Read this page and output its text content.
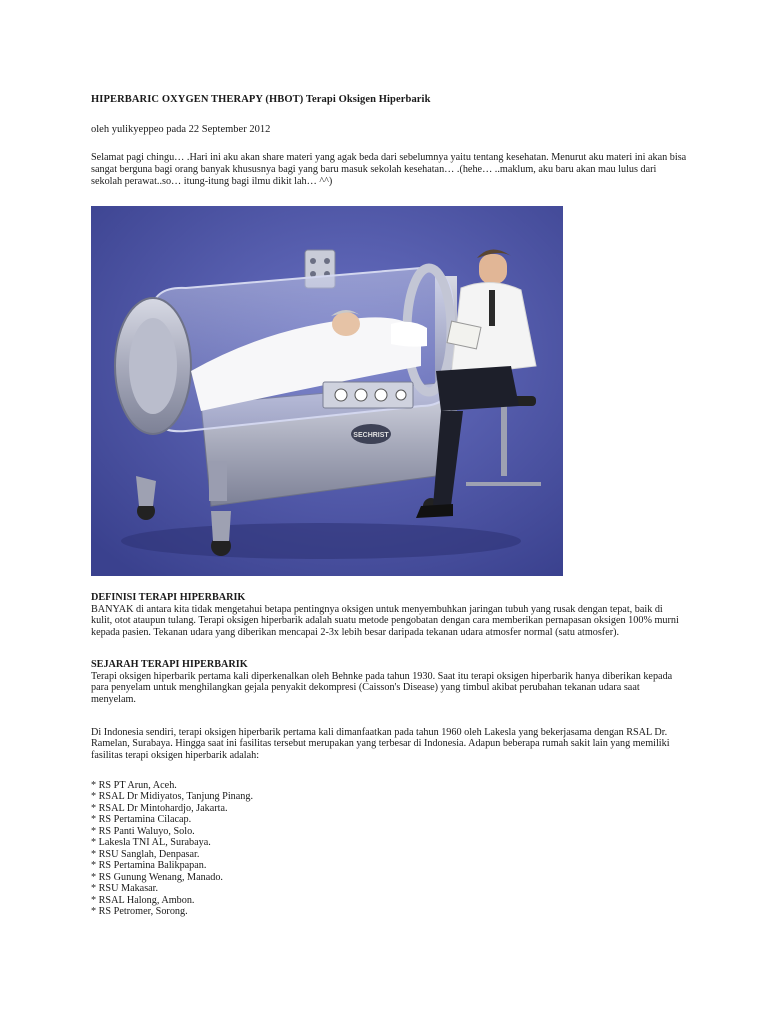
HIPERBARIC OXYGEN THERAPY (HBOT) Terapi Oksigen Hiperbarik
oleh yulikyeppeo pada 22 September 2012
Selamat pagi chingu… .Hari ini aku akan share materi yang agak beda dari sebelumnya yaitu tentang kesehatan. Menurut aku materi ini akan bisa
sangat berguna bagi orang banyak khususnya bagi yang baru masuk sekolah kesehatan… .(hehe… ..maklum, aku baru akan mau lulus dari
sekolah perawat..so… itung-itung bagi ilmu dikit lah… ^^)
SECHRIST
DEFINISI TERAPI HIPERBARIK
BANYAK di antara kita tidak mengetahui betapa pentingnya oksigen untuk menyembuhkan jaringan tubuh yang rusak dengan tepat, baik di
kulit, otot ataupun tulang. Terapi oksigen hiperbarik adalah suatu metode pengobatan dengan cara memberikan pernapasan oksigen 100% murni
kepada pasien. Tekanan udara yang diberikan mencapai 2-3x lebih besar daripada tekanan udara atmosfer normal (satu atmosfer).
SEJARAH TERAPI HIPERBARIK
Terapi oksigen hiperbarik pertama kali diperkenalkan oleh Behnke pada tahun 1930. Saat itu terapi oksigen hiperbarik hanya diberikan kepada
para penyelam untuk menghilangkan gejala penyakit dekompresi (Caisson's Disease) yang timbul akibat perubahan tekanan udara saat
menyelam.
Di Indonesia sendiri, terapi oksigen hiperbarik pertama kali dimanfaatkan pada tahun 1960 oleh Lakesla yang bekerjasama dengan RSAL Dr.
Ramelan, Surabaya. Hingga saat ini fasilitas tersebut merupakan yang terbesar di Indonesia. Adapun beberapa rumah sakit lain yang memiliki
fasilitas terapi oksigen hiperbarik adalah:
* RS PT Arun, Aceh.
* RSAL Dr Midiyatos, Tanjung Pinang.
* RSAL Dr Mintohardjo, Jakarta.
* RS Pertamina Cilacap.
* RS Panti Waluyo, Solo.
* Lakesla TNI AL, Surabaya.
* RSU Sanglah, Denpasar.
* RS Pertamina Balikpapan.
* RS Gunung Wenang, Manado.
* RSU Makasar.
* RSAL Halong, Ambon.
* RS Petromer, Sorong.
